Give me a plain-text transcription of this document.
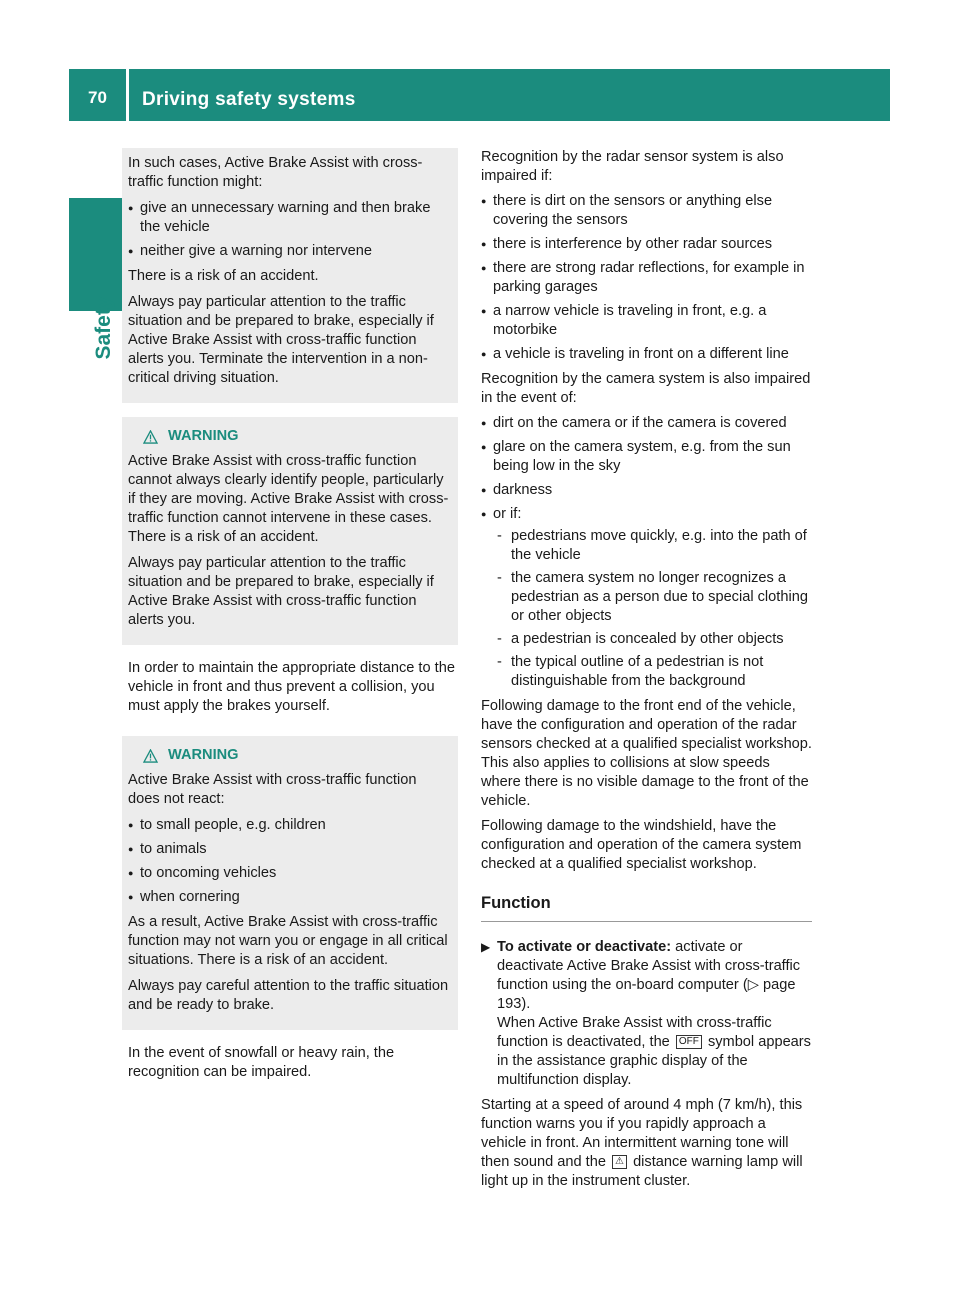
70	Driving safety systems
Safety

In such cases, Active Brake Assist with cross-traffic function might:

● give an unnecessary warning and then brake the vehicle
● neither give a warning nor intervene

There is a risk of an accident.

Always pay particular attention to the traffic situation and be prepared to brake, especially if Active Brake Assist with cross-traffic function alerts you. Terminate the intervention in a non-critical driving situation.

WARNING

Active Brake Assist with cross-traffic function cannot always clearly identify people, particularly if they are moving. Active Brake Assist with cross-traffic function cannot intervene in these cases. There is a risk of an accident.

Always pay particular attention to the traffic situation and be prepared to brake, especially if Active Brake Assist with cross-traffic function alerts you.

In order to maintain the appropriate distance to the vehicle in front and thus prevent a collision, you must apply the brakes yourself.

WARNING

Active Brake Assist with cross-traffic function does not react:

● to small people, e.g. children
● to animals
● to oncoming vehicles
● when cornering

As a result, Active Brake Assist with cross-traffic function may not warn you or engage in all critical situations. There is a risk of an accident.

Always pay careful attention to the traffic situation and be ready to brake.

In the event of snowfall or heavy rain, the recognition can be impaired.

Recognition by the radar sensor system is also impaired if:

● there is dirt on the sensors or anything else covering the sensors
● there is interference by other radar sources
● there are strong radar reflections, for example in parking garages
● a narrow vehicle is traveling in front, e.g. a motorbike
● a vehicle is traveling in front on a different line

Recognition by the camera system is also impaired in the event of:

● dirt on the camera or if the camera is covered
● glare on the camera system, e.g. from the sun being low in the sky
● darkness
● or if:
- pedestrians move quickly, e.g. into the path of the vehicle
- the camera system no longer recognizes a pedestrian as a person due to special clothing or other objects
- a pedestrian is concealed by other objects
- the typical outline of a pedestrian is not distinguishable from the background

Following damage to the front end of the vehicle, have the configuration and operation of the radar sensors checked at a qualified specialist workshop. This also applies to collisions at slow speeds where there is no visible damage to the front of the vehicle.

Following damage to the windshield, have the configuration and operation of the camera system checked at a qualified specialist workshop.

Function
▶ To activate or deactivate: activate or deactivate Active Brake Assist with cross-traffic function using the on-board computer (▷ page 193).
When Active Brake Assist with cross-traffic function is deactivated, the OFF symbol appears in the assistance graphic display of the multifunction display.

Starting at a speed of around 4 mph (7 km/h), this function warns you if you rapidly approach a vehicle in front. An intermittent warning tone will then sound and the ⚠ distance warning lamp will light up in the instrument cluster.
